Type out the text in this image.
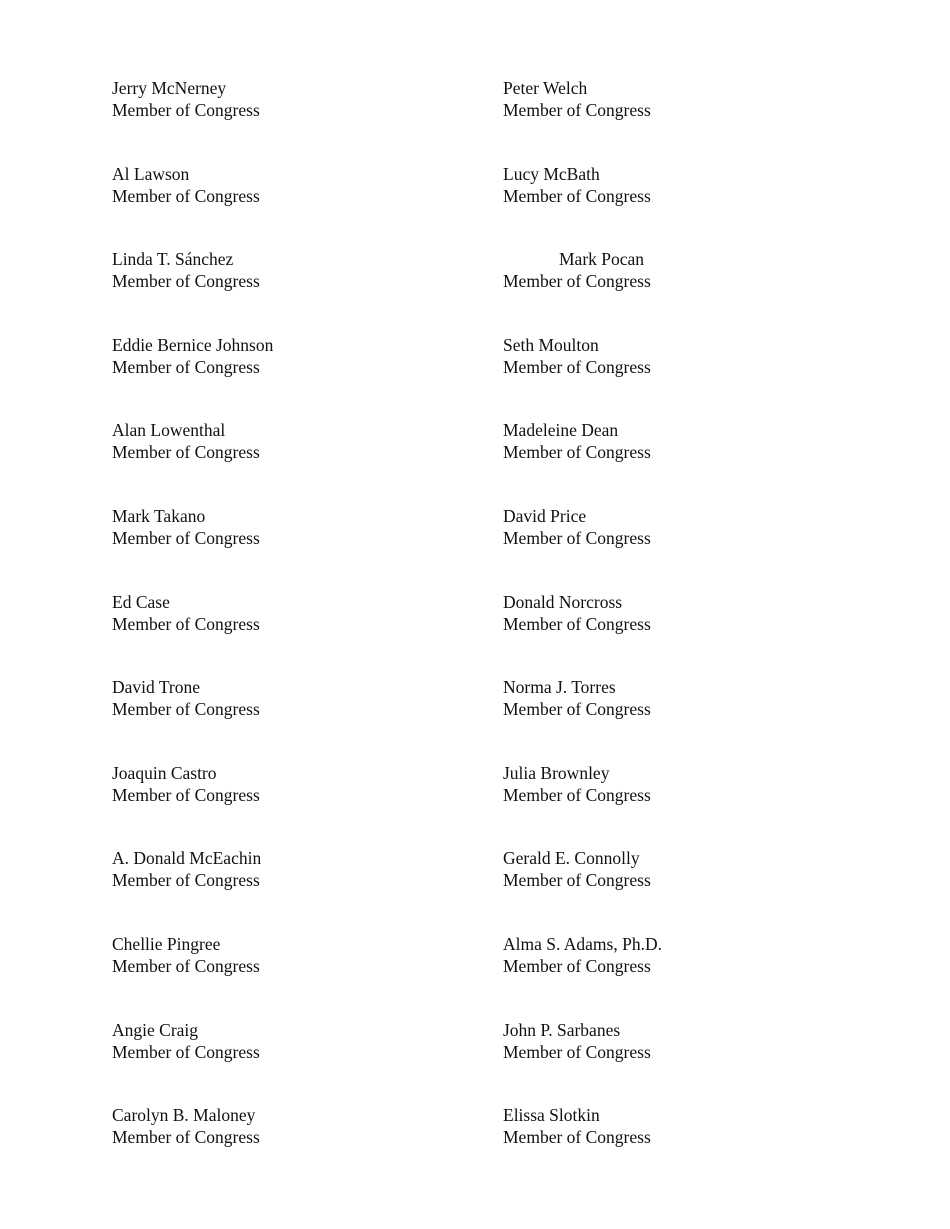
Jerry McNerney
Member of Congress
Al Lawson
Member of Congress
Linda T. Sánchez
Member of Congress
Eddie Bernice Johnson
Member of Congress
Alan Lowenthal
Member of Congress
Mark Takano
Member of Congress
Ed Case
Member of Congress
David Trone
Member of Congress
Joaquin Castro
Member of Congress
A. Donald McEachin
Member of Congress
Chellie Pingree
Member of Congress
Angie Craig
Member of Congress
Carolyn B. Maloney
Member of Congress
Peter Welch
Member of Congress
Lucy McBath
Member of Congress
Mark Pocan
Member of Congress
Seth Moulton
Member of Congress
Madeleine Dean
Member of Congress
David Price
Member of Congress
Donald Norcross
Member of Congress
Norma J. Torres
Member of Congress
Julia Brownley
Member of Congress
Gerald E. Connolly
Member of Congress
Alma S. Adams, Ph.D.
Member of Congress
John P. Sarbanes
Member of Congress
Elissa Slotkin
Member of Congress
